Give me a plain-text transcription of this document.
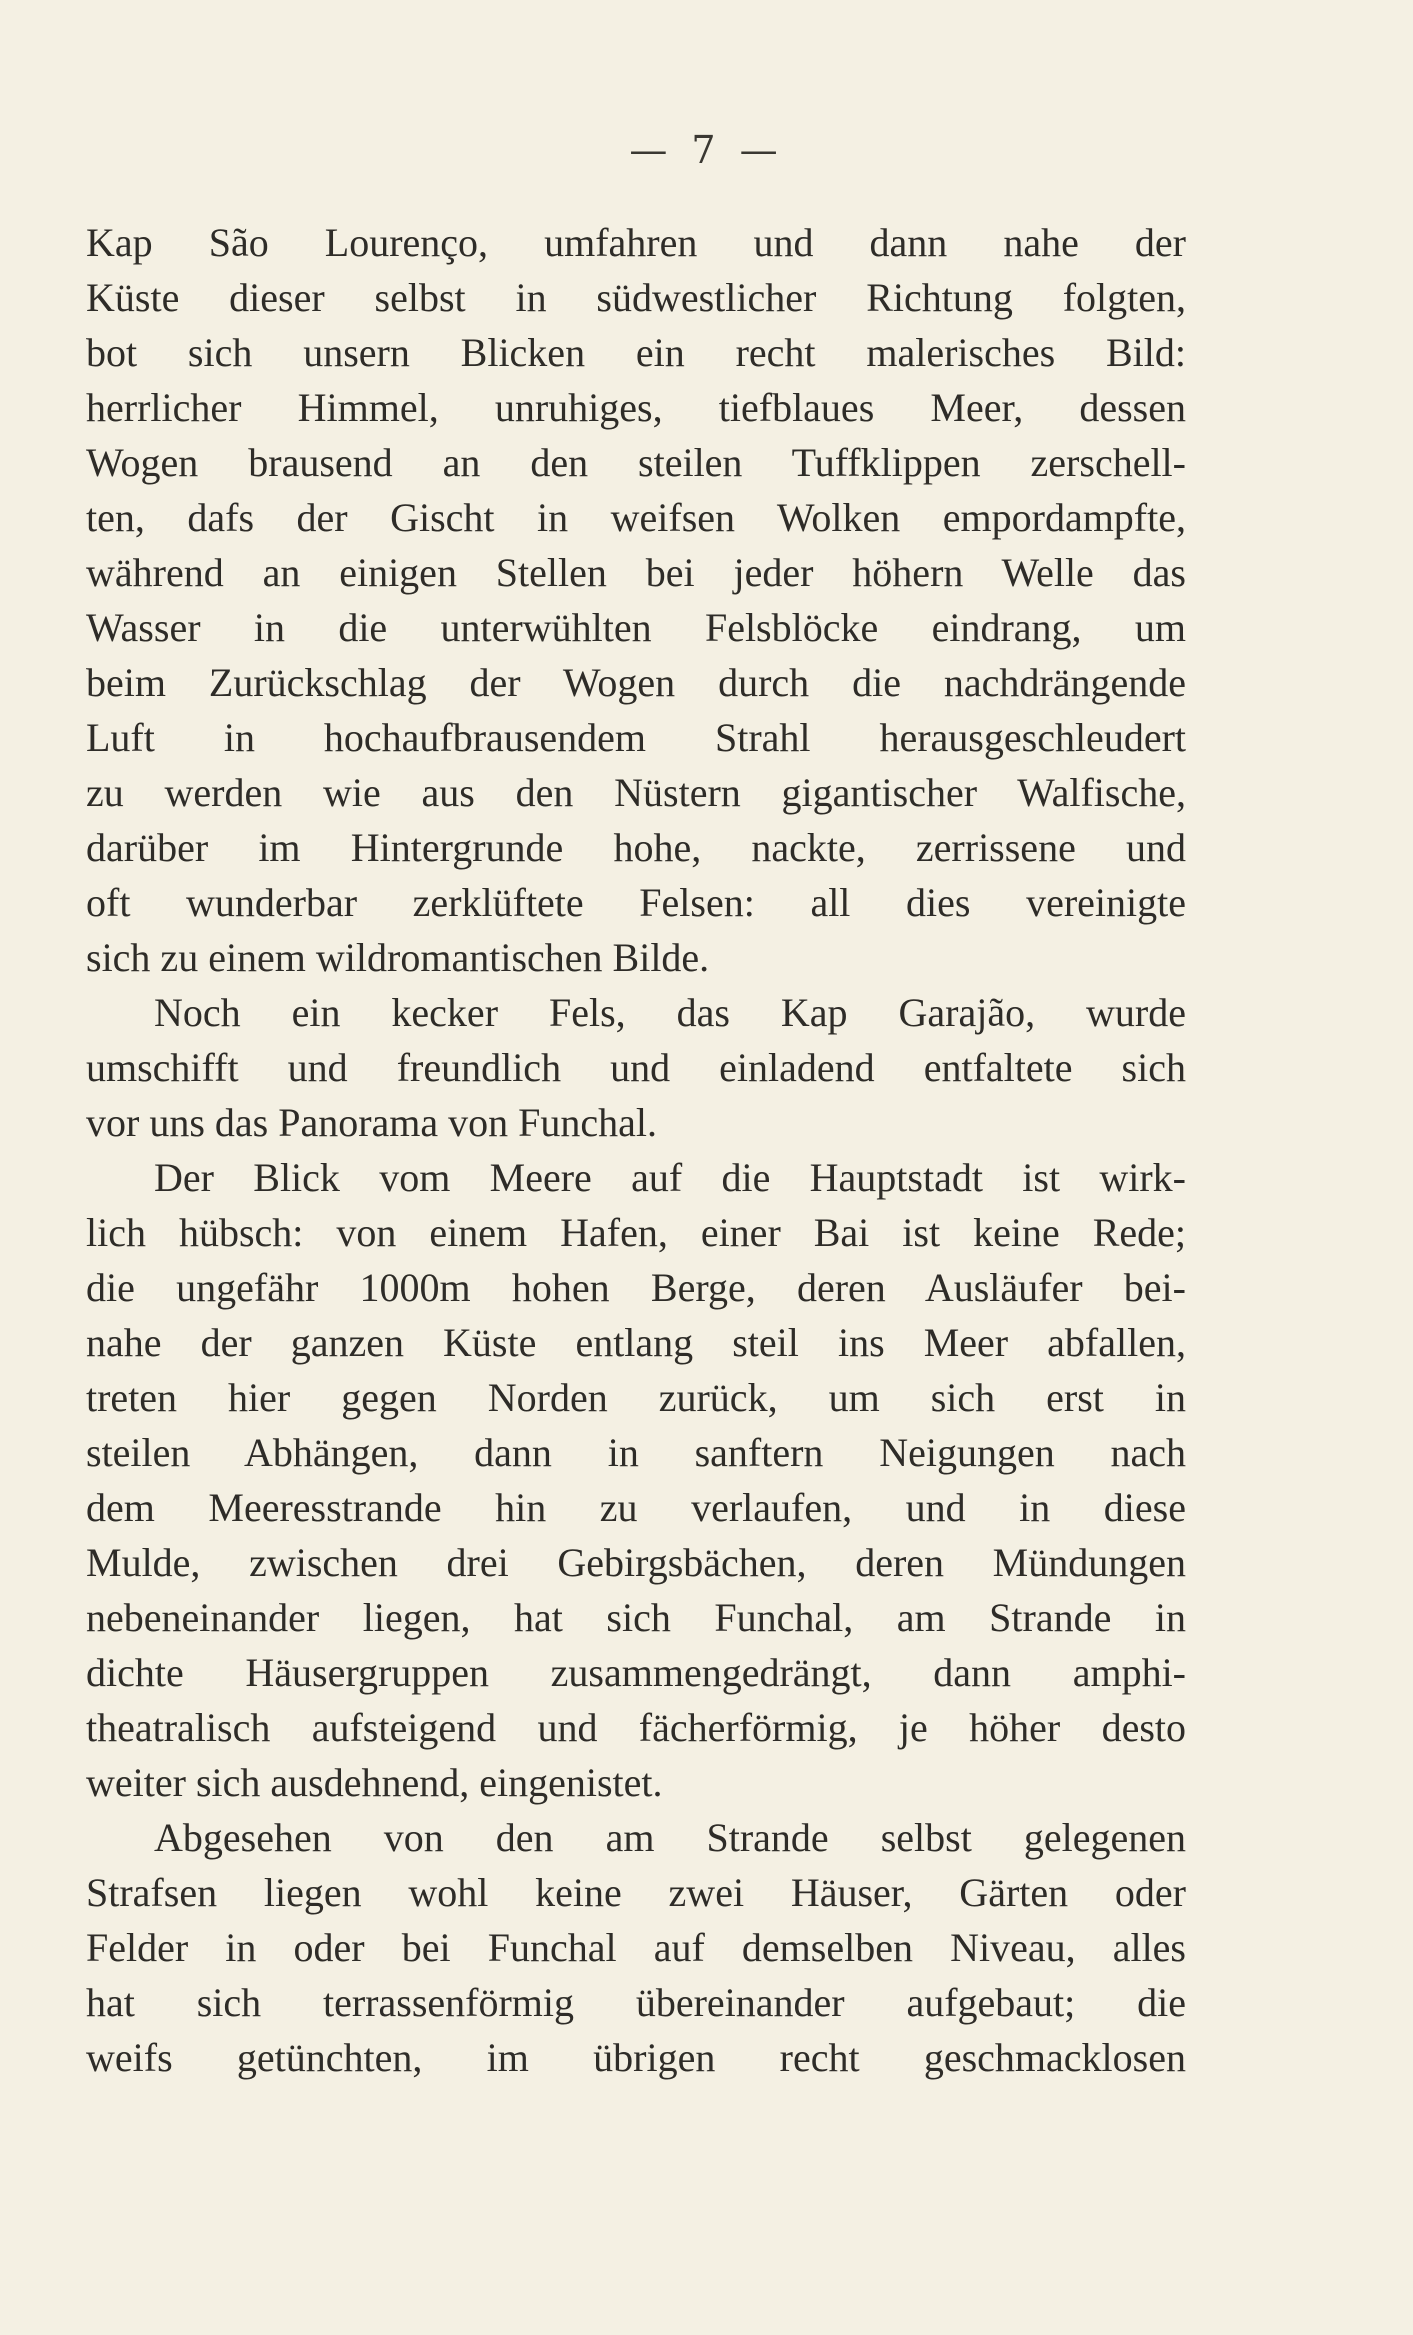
— 7 —
Kap São Lourenço, umfahren und dann nahe der
Küste dieser selbst in südwestlicher Richtung folgten,
bot sich unsern Blicken ein recht malerisches Bild:
herrlicher Himmel, unruhiges, tiefblaues Meer, dessen
Wogen brausend an den steilen Tuffklippen zerschell-
ten, dafs der Gischt in weifsen Wolken empordampfte,
während an einigen Stellen bei jeder höhern Welle das
Wasser in die unterwühlten Felsblöcke eindrang, um
beim Zurückschlag der Wogen durch die nachdrängende
Luft in hochaufbrausendem Strahl herausgeschleudert
zu werden wie aus den Nüstern gigantischer Walfische,
darüber im Hintergrunde hohe, nackte, zerrissene und
oft wunderbar zerklüftete Felsen: all dies vereinigte
sich zu einem wildromantischen Bilde.
Noch ein kecker Fels, das Kap Garajão, wurde
umschifft und freundlich und einladend entfaltete sich
vor uns das Panorama von Funchal.
Der Blick vom Meere auf die Hauptstadt ist wirk-
lich hübsch: von einem Hafen, einer Bai ist keine Rede;
die ungefähr 1000m hohen Berge, deren Ausläufer bei-
nahe der ganzen Küste entlang steil ins Meer abfallen,
treten hier gegen Norden zurück, um sich erst in
steilen Abhängen, dann in sanftern Neigungen nach
dem Meeresstrande hin zu verlaufen, und in diese
Mulde, zwischen drei Gebirgsbächen, deren Mündungen
nebeneinander liegen, hat sich Funchal, am Strande in
dichte Häusergruppen zusammengedrängt, dann amphi-
theatralisch aufsteigend und fächerförmig, je höher desto
weiter sich ausdehnend, eingenistet.
Abgesehen von den am Strande selbst gelegenen
Strafsen liegen wohl keine zwei Häuser, Gärten oder
Felder in oder bei Funchal auf demselben Niveau, alles
hat sich terrassenförmig übereinander aufgebaut; die
weifs getünchten, im übrigen recht geschmacklosen
